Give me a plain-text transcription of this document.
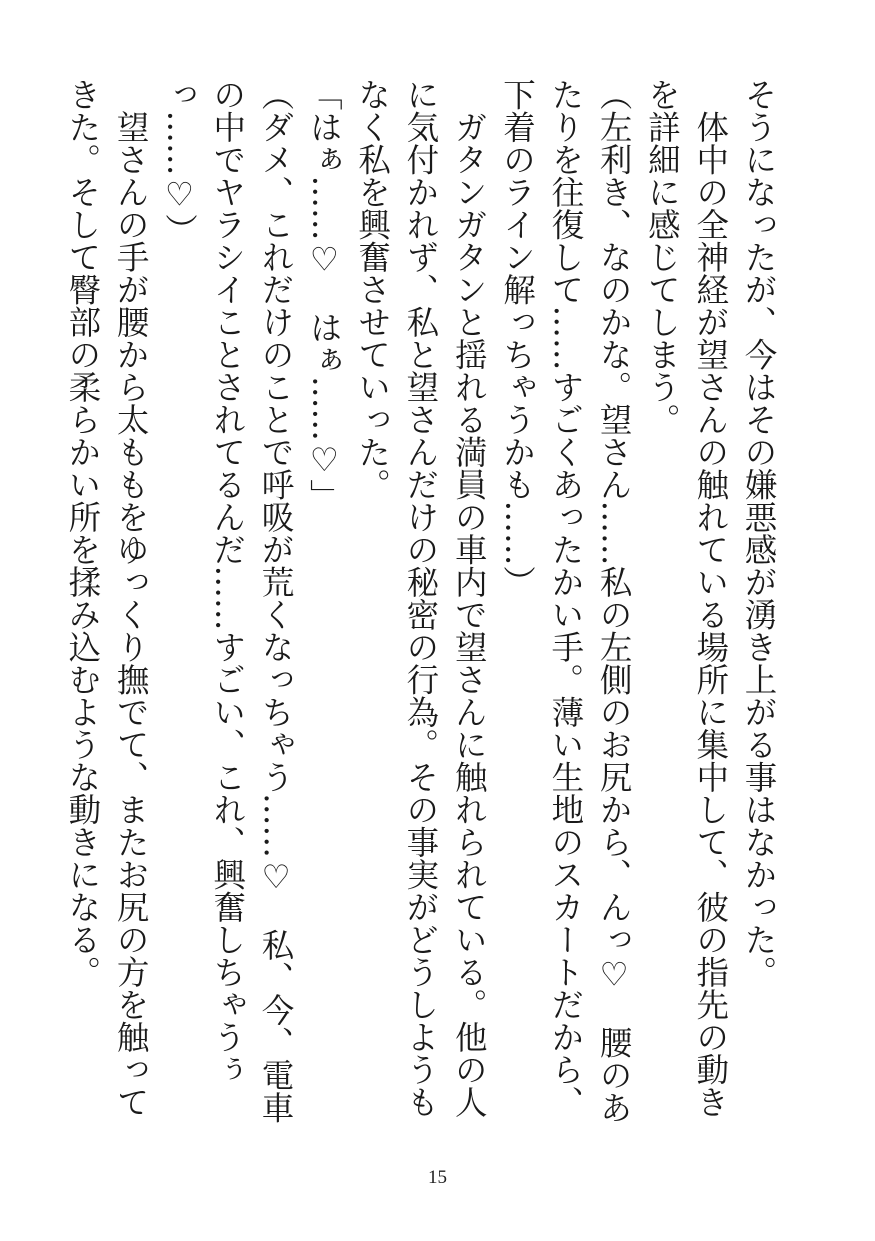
そうになったが、今はその嫌悪感が湧き上がる事はなかった。

　体中の全神経が望さんの触れている場所に集中して、彼の指先の動きを詳細に感じてしまう。

（左利き、なのかな。望さん……私の左側のお尻から、んっ♡　腰のあたりを往復して……すごくあったかい手。薄い生地のスカートだから、下着のライン解っちゃうかも……）

　ガタンガタンと揺れる満員の車内で望さんに触れられている。他の人に気付かれず、私と望さんだけの秘密の行為。その事実がどうしようもなく私を興奮させていった。

「はぁ……♡　はぁ……♡」

（ダメ、これだけのことで呼吸が荒くなっちゃう……♡　私、今、電車の中でヤラシイことされてるんだ……すごい、これ、興奮しちゃうぅっ……♡）

　望さんの手が腰から太ももをゆっくり撫でて、またお尻の方を触ってきた。そして臀部の柔らかい所を揉み込むような動きになる。

15
